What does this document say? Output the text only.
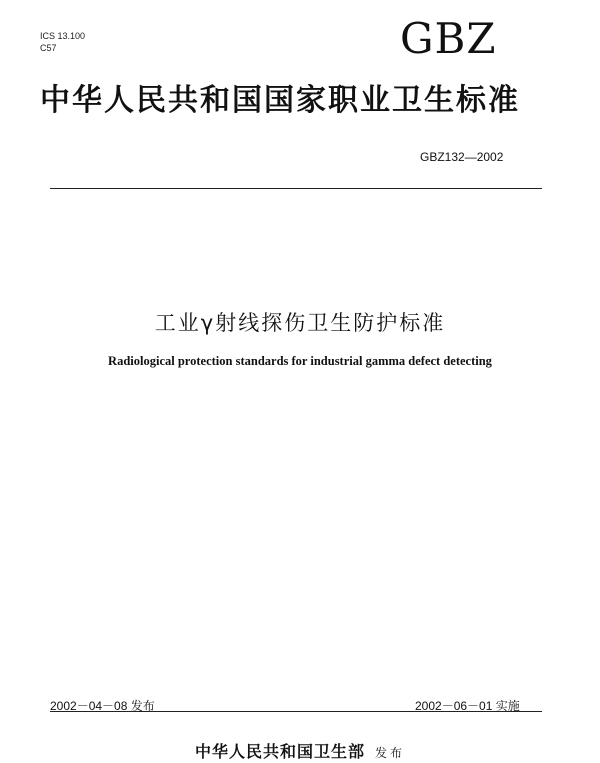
ICS 13.100
C57	GBZ
中华人民共和国国家职业卫生标准
GBZ132—2002
工业γ射线探伤卫生防护标准
Radiological protection standards for industrial gamma defect detecting
2002－04－08 发布	2002－06－01 实施
中华人民共和国卫生部 发布
